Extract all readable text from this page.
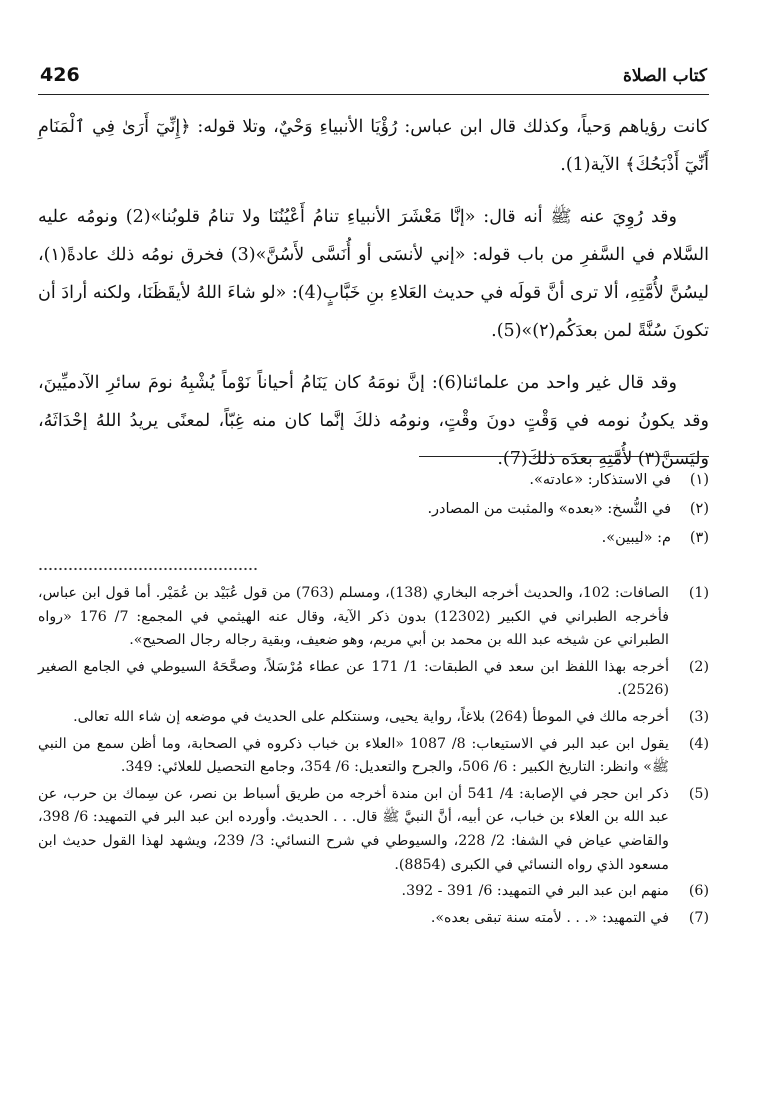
كتاب الصلاة
426

كانت رؤياهم وَحياً، وكذلك قال ابن عباس: رُؤْيَا الأنبياءِ وَحْيٌ، وتلا قوله: ﴿إِنِّيٓ أَرَىٰ فِي ٱلْمَنَامِ أَنِّيٓ أَذْبَحُكَ﴾ الآية(1).

وقد رُوِيَ عنه ﷺ أنه قال: «إنَّا مَعْشَرَ الأنبياءِ تنامُ أَعْيُنُنَا ولا تنامُ قلوبُنا»(2) ونومُه عليه السَّلام في السَّفرِ من باب قوله: «إني لأنسَى أو أُنَسَّى لأَسُنَّ»(3) فخرق نومُه ذلك عادةً(١)، ليسُنَّ لأُمَّتِهِ، ألا ترى أنَّ قولَه في حديث العَلاءِ بنِ خَبَّابٍ(4): «لو شاءَ اللهُ لأيقَظَنَا، ولكنه أرادَ أن تكونَ سُنَّةً لمن بعدَكُم(٢)»(5).

وقد قال غير واحد من علمائنا(6): إنَّ نومَهُ كان يَنَامُ أحياناً نَوْماً يُشْبِهُ نومَ سائرِ الآدميِّينَ، وقد يكونُ نومه في وَقْتٍ دونَ وقْتٍ، ونومُه ذلكَ إنَّما كان منه غِبّاً، لمعنًى يريدُ اللهُ إحْدَاثَهُ، وليَسنَّ(٣) لأُمَّتِهِ بعدَه ذلكَ(7).

(١)
في الاستذكار: «عادته».
(٢)
في النُّسخ: «بعده» والمثبت من المصادر.
(٣)
م: «ليبين».
(1)
الصافات: 102، والحديث أخرجه البخاري (138)، ومسلم (763) من قول عُبَيْد بن عُمَيْر. أما قول ابن عباس، فأخرجه الطبراني في الكبير (12302) بدون ذكر الآية، وقال عنه الهيثمي في المجمع: 7/ 176 «رواه الطبراني عن شيخه عبد الله بن محمد بن أبي مريم، وهو ضعيف، وبقية رجاله رجال الصحيح».
(2)
أخرجه بهذا اللفظ ابن سعد في الطبقات: 1/ 171 عن عطاء مُرْسَلاً، وصحَّحَهُ السيوطي في الجامع الصغير (2526).
(3)
أخرجه مالك في الموطأ (264) بلاغاً، رواية يحيى، وسنتكلم على الحديث في موضعه إن شاء الله تعالى.
(4)
يقول ابن عبد البر في الاستيعاب: 8/ 1087 «العلاء بن خباب ذكروه في الصحابة، وما أظن سمع من النبي ﷺ» وانظر: التاريخ الكبير : 6/ 506، والجرح والتعديل: 6/ 354، وجامع التحصيل للعلائي: 349.
(5)
ذكر ابن حجر في الإصابة: 4/ 541 أن ابن مندة أخرجه من طريق أسباط بن نصر، عن سِماك بن حرب، عن عبد الله بن العلاء بن خباب، عن أبيه، أنَّ النبيَّ ﷺ قال. . . الحديث. وأورده ابن عبد البر في التمهيد: 6/ 398، والقاضي عياض في الشفا: 2/ 228، والسيوطي في شرح النسائي: 3/ 239، ويشهد لهذا القول حديث ابن مسعود الذي رواه النسائي في الكبرى (8854).
(6)
منهم ابن عبد البر في التمهيد: 6/ 391 - 392.
(7)
في التمهيد: «. . . لأمته سنة تبقى بعده».
